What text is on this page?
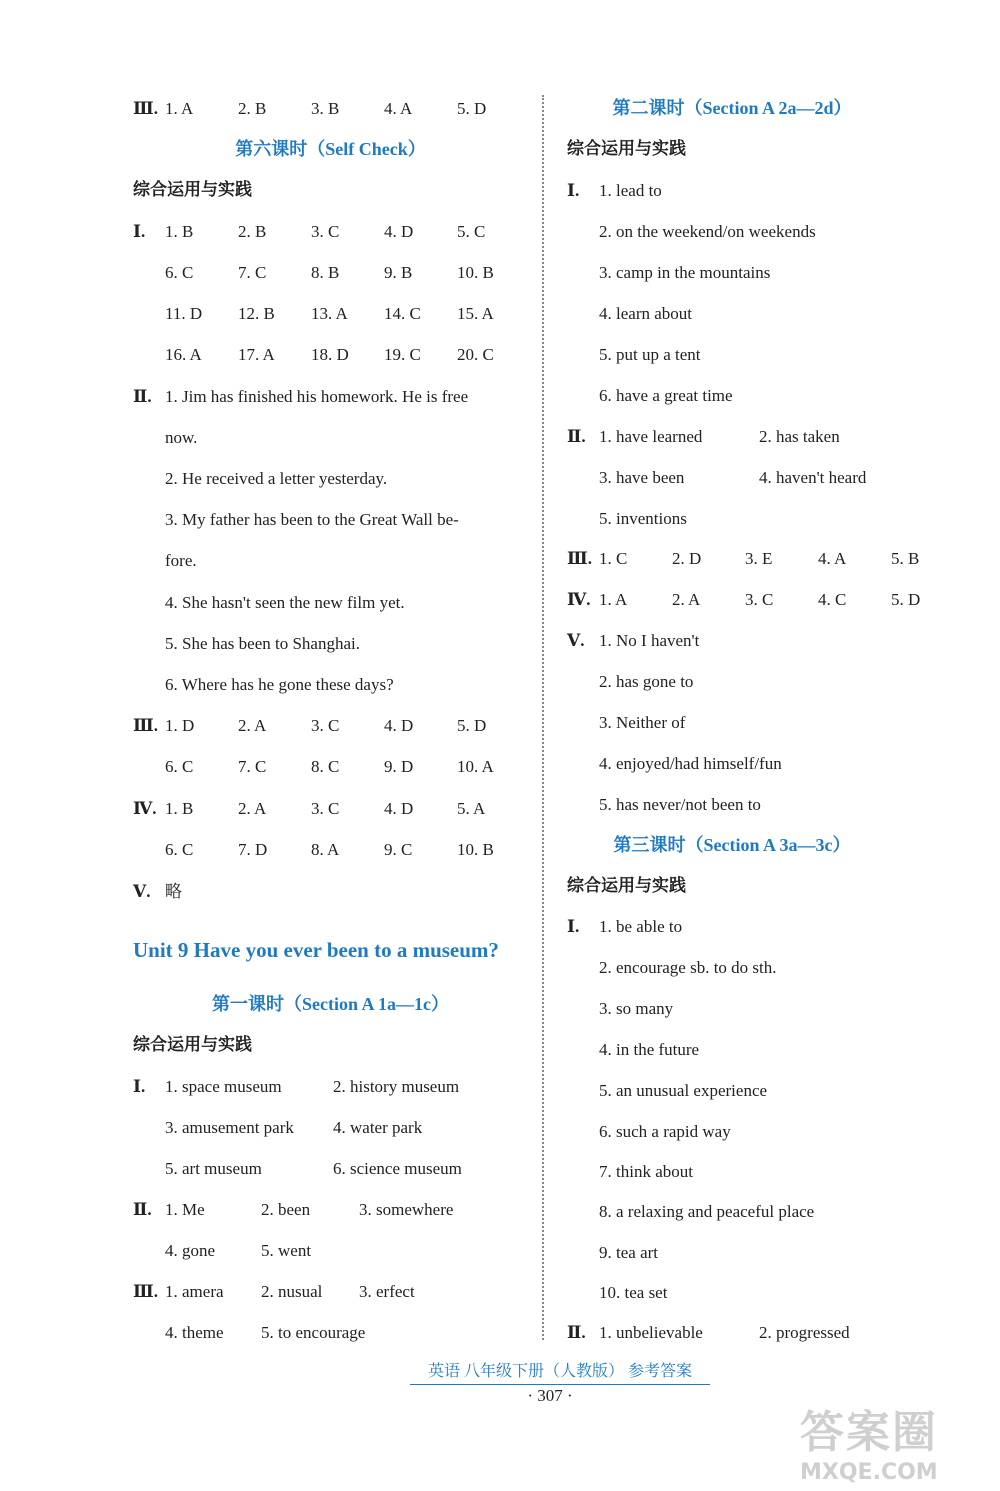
Ⅲ. 1. A	2. B	3. B	4. A	5. D
第六课时（Self Check）
综合运用与实践
Ⅰ. 1. B	2. B	3. C	4. D	5. C
6. C	7. C	8. B	9. B	10. B
11. D 12. B 13. A 14. C 15. A
16. A 17. A 18. D 19. C 20. C
Ⅱ. 1. Jim has finished his homework. He is free
now.
2. He received a letter yesterday.
3. My father has been to the Great Wall be-
fore.
4. She hasn't seen the new film yet.
5. She has been to Shanghai.
6. Where has he gone these days?
Ⅲ. 1. D	2. A	3. C	4. D	5. D
6. C	7. C	8. C	9. D	10. A
Ⅳ. 1. B	2. A	3. C	4. D	5. A
6. C	7. D	8. A	9. C	10. B
Ⅴ. 略
Unit 9 Have you ever been to a museum?
第一课时（Section A 1a—1c）
综合运用与实践
Ⅰ. 1. space museum	2. history museum
3. amusement park 4. water park
5. art museum	6. science museum
Ⅱ. 1. Me	2. been	3. somewhere
4. gone	5. went
Ⅲ. 1. amera 2. nusual 3. erfect
4. theme 5. to encourage
第二课时（Section A 2a—2d）
综合运用与实践
Ⅰ. 1. lead to
2. on the weekend/on weekends
3. camp in the mountains
4. learn about
5. put up a tent
6. have a great time
Ⅱ. 1. have learned	2. has taken
3. have been	4. haven't heard
5. inventions
Ⅲ. 1. C	2. D	3. E	4. A	5. B
Ⅳ. 1. A	2. A	3. C	4. C	5. D
Ⅴ. 1. No I haven't
2. has gone to
3. Neither of
4. enjoyed/had himself/fun
5. has never/not been to
第三课时（Section A 3a—3c）
综合运用与实践
Ⅰ. 1. be able to
2. encourage sb. to do sth.
3. so many
4. in the future
5. an unusual experience
6. such a rapid way
7. think about
8. a relaxing and peaceful place
9. tea art
10. tea set
Ⅱ. 1. unbelievable	2. progressed
英语 八年级下册（人教版） 参考答案
· 307 ·
答案圈
MXQE.COM
